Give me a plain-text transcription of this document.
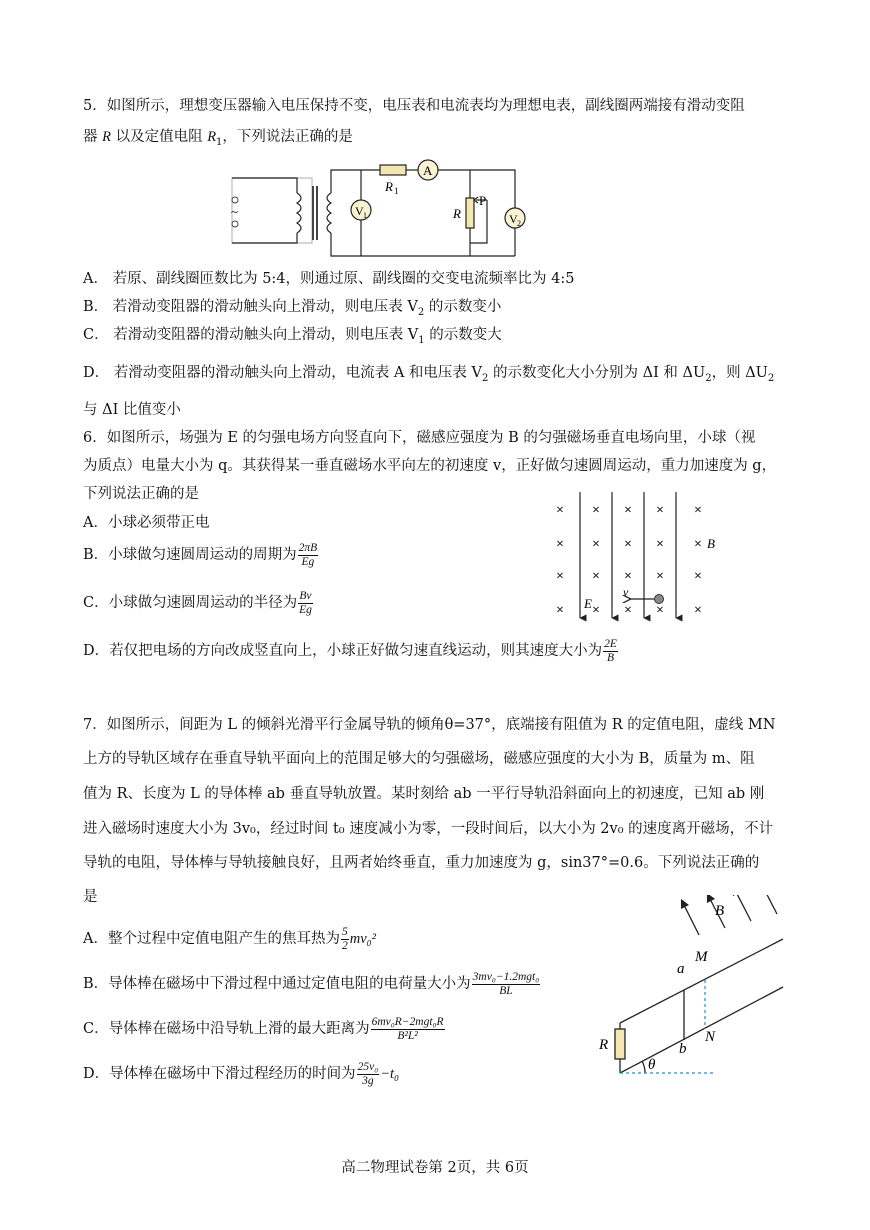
5．如图所示，理想变压器输入电压保持不变，电压表和电流表均为理想电表，副线圈两端接有滑动变阻
器 R 以及定值电阻 $R_1$，下列说法正确的是
~
R 1
A
V 1	V 2
R
P
A． 若原、副线圈匝数比为 5:4，则通过原、副线圈的交变电流频率比为 4:5
B． 若滑动变阻器的滑动触头向上滑动，则电压表 $V_2$ 的示数变小
C． 若滑动变阻器的滑动触头向上滑动，则电压表 $V_1$ 的示数变大
D． 若滑动变阻器的滑动触头向上滑动，电流表 A 和电压表 $V_2$ 的示数变化大小分别为 ΔI 和 $\Delta U_2$，则 $\Delta U_2$
与 ΔI 比值变小
6．如图所示，场强为 E 的匀强电场方向竖直向下，磁感应强度为 B 的匀强磁场垂直电场向里，小球（视
为质点）电量大小为 q。其获得某一垂直磁场水平向左的初速度 v，正好做匀速圆周运动，重力加速度为 g，
下列说法正确的是
A．小球必须带正电
B．小球做匀速圆周运动的周期为 $\frac{2\pi B}{Eg}$
C．小球做匀速圆周运动的半径为 $\frac{Bv}{Eg}$
D．若仅把电场的方向改成竖直向上，小球正好做匀速直线运动，则其速度大小为 $\frac{2E}{B}$
× × × × ×
× × × × ×
× × × × ×
× × × × ×
B
E
v
7．如图所示，间距为 L 的倾斜光滑平行金属导轨的倾角θ=37°，底端接有阻值为 R 的定值电阻，虚线 MN
上方的导轨区域存在垂直导轨平面向上的范围足够大的匀强磁场，磁感应强度的大小为 B，质量为 m、阻
值为 R、长度为 L 的导体棒 ab 垂直导轨放置。某时刻给 ab 一平行导轨沿斜面向上的初速度，已知 ab 刚
进入磁场时速度大小为 3v₀，经过时间 t₀ 速度减小为零，一段时间后，以大小为 2v₀ 的速度离开磁场，不计
导轨的电阻，导体棒与导轨接触良好，且两者始终垂直，重力加速度为 g，sin37°=0.6。下列说法正确的
是
A．整个过程中定值电阻产生的焦耳热为 $\frac{5}{2} mv_0^2$
B．导体棒在磁场中下滑过程中通过定值电阻的电荷量大小为 $\frac{\text{3mv₀−1.2mgt₀}}{BL}$
C．导体棒在磁场中沿导轨上滑的最大距离为 $\frac{\text{6mv₀R−2mgt₀R}}{\text{B²L²}}$
D．导体棒在磁场中下滑过程经历的时间为 $\frac{\text{25v₀}}{3g} -t_0$
B
M
N
a
b
R
θ
高二物理试卷第 2页，共 6页
